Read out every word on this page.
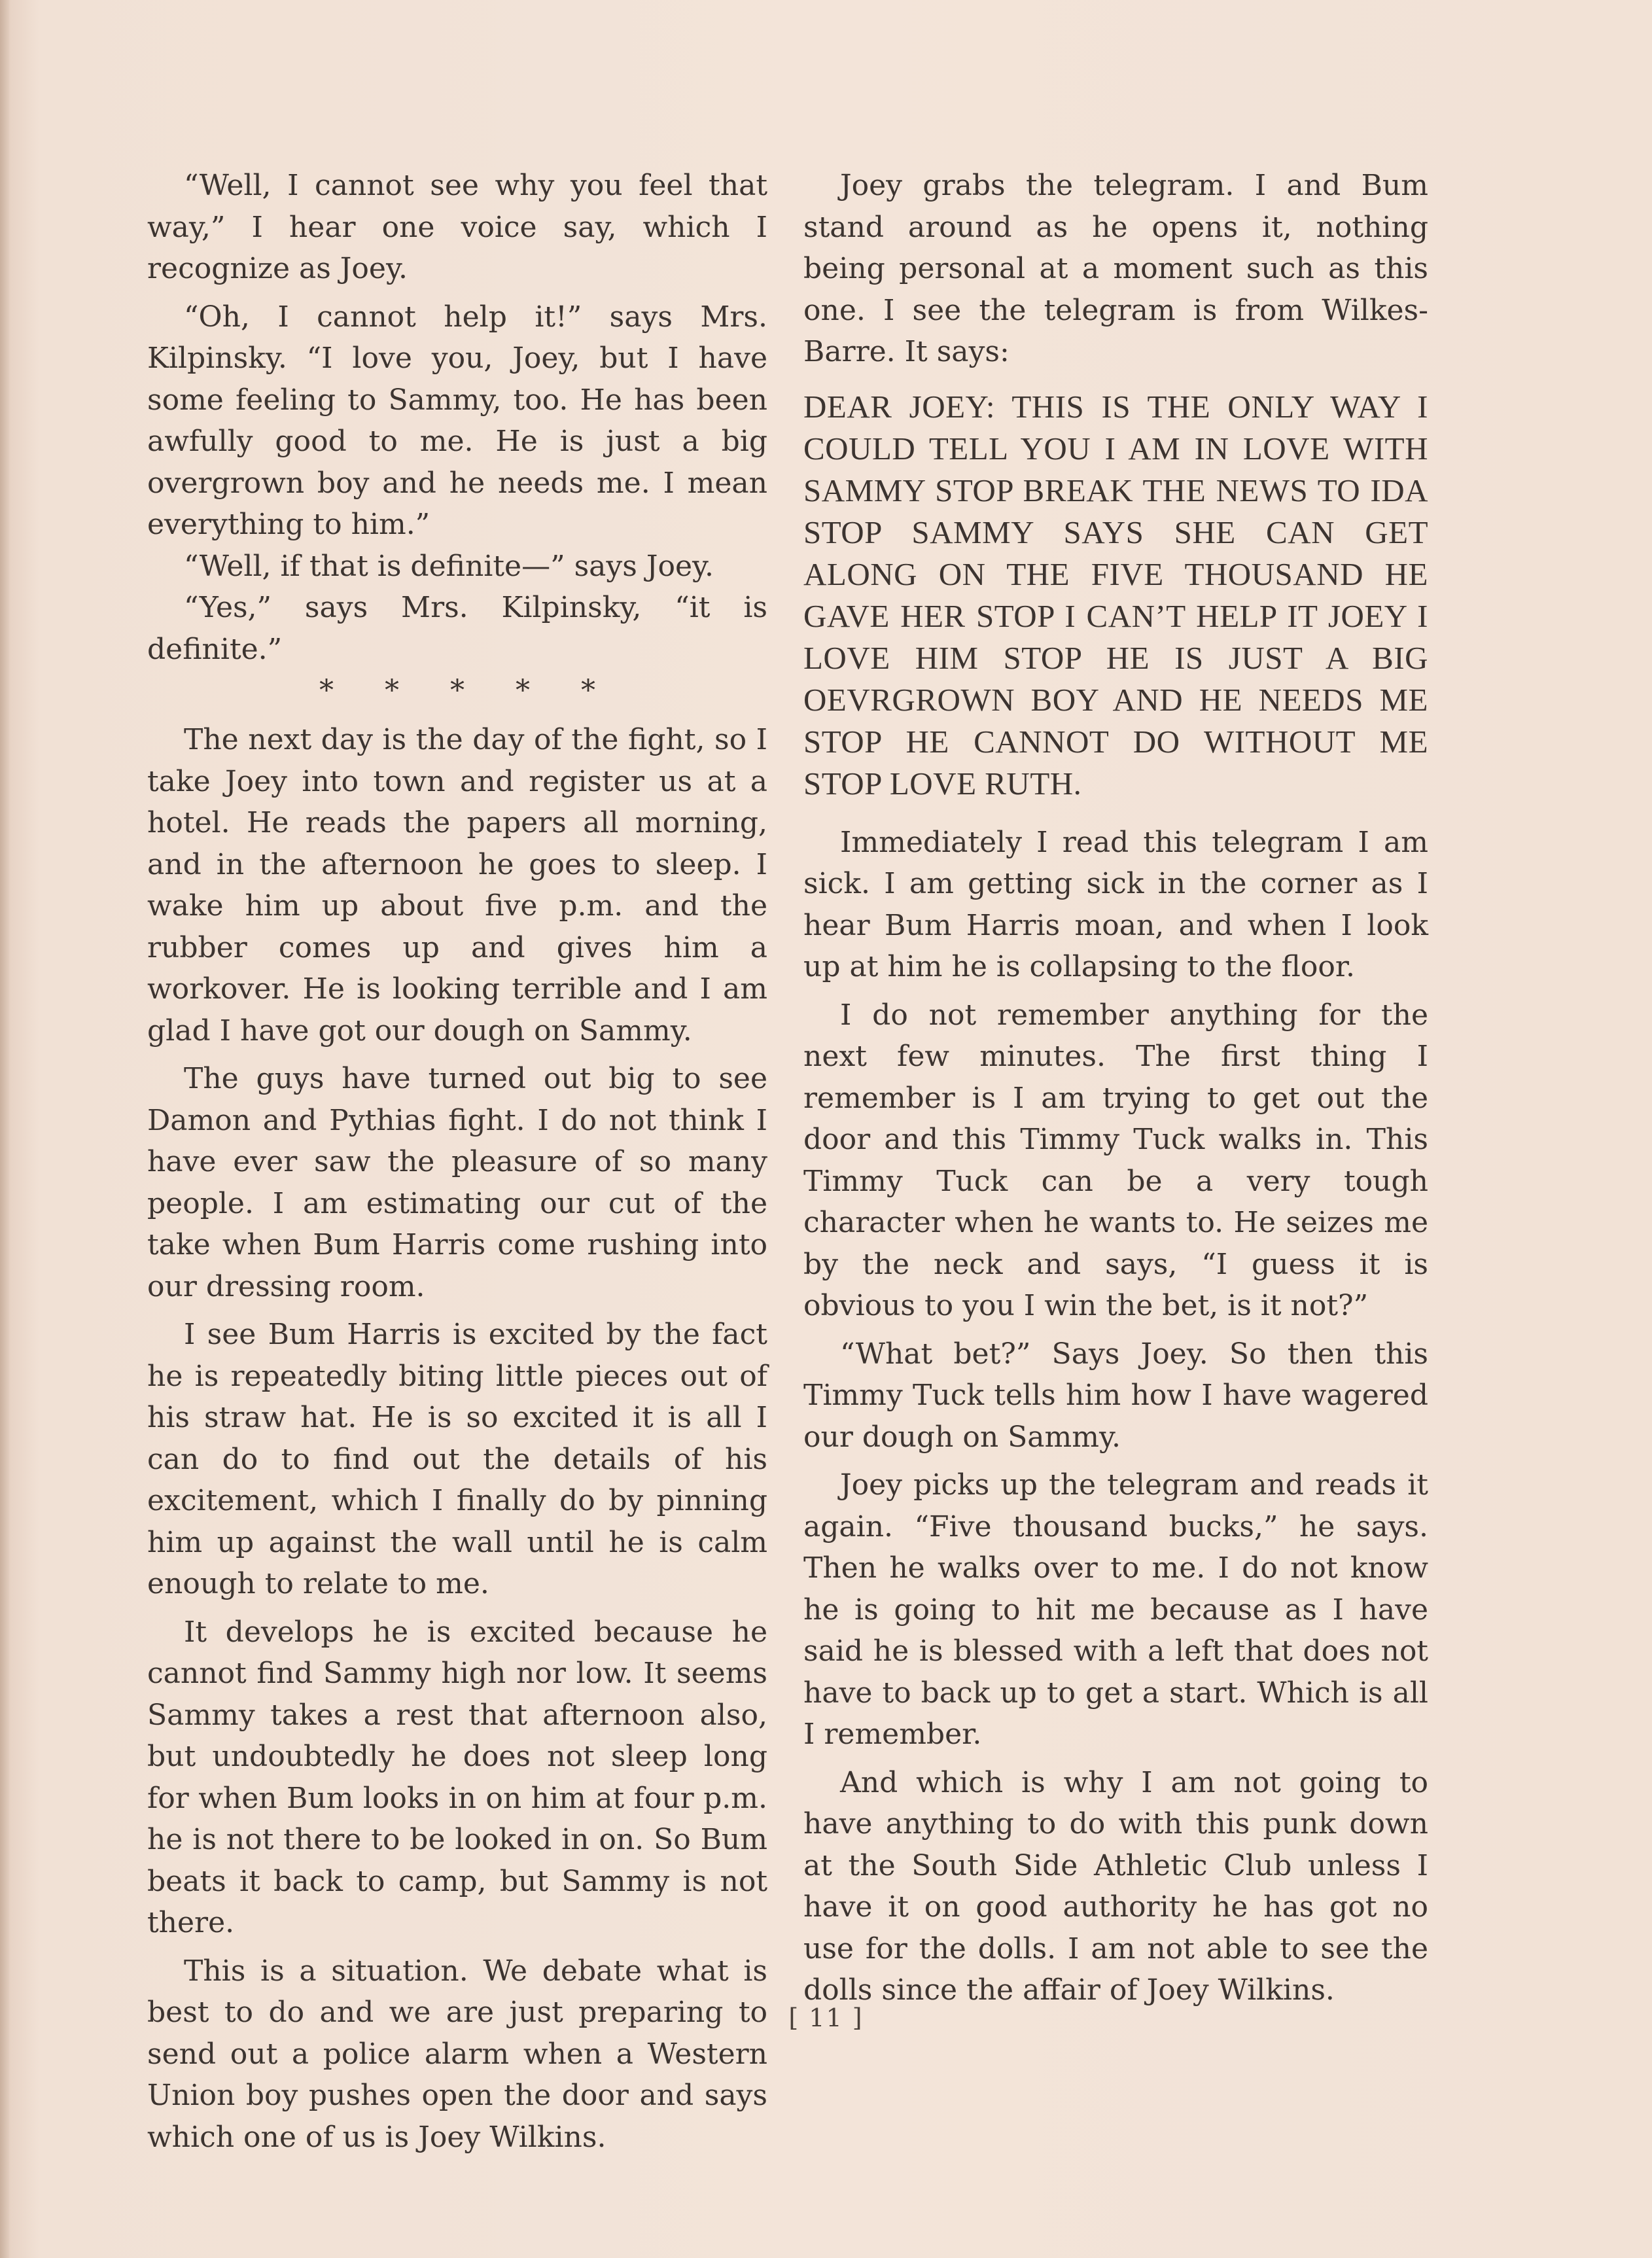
“Well, I cannot see why you feel that way,” I hear one voice say, which I recognize as Joey.

“Oh, I cannot help it!” says Mrs. Kilpinsky. “I love you, Joey, but I have some feeling to Sammy, too. He has been awfully good to me. He is just a big overgrown boy and he needs me. I mean everything to him.”

“Well, if that is definite—” says Joey.

“Yes,” says Mrs. Kilpinsky, “it is definite.”

* * * * *

The next day is the day of the fight, so I take Joey into town and register us at a hotel. He reads the papers all morning, and in the afternoon he goes to sleep. I wake him up about five p.m. and the rubber comes up and gives him a workover. He is looking terrible and I am glad I have got our dough on Sammy.

The guys have turned out big to see Damon and Pythias fight. I do not think I have ever saw the pleasure of so many people. I am estimating our cut of the take when Bum Harris come rushing into our dressing room.

I see Bum Harris is excited by the fact he is repeatedly biting little pieces out of his straw hat. He is so excited it is all I can do to find out the details of his excitement, which I finally do by pinning him up against the wall until he is calm enough to relate to me.

It develops he is excited because he cannot find Sammy high nor low. It seems Sammy takes a rest that afternoon also, but undoubtedly he does not sleep long for when Bum looks in on him at four p.m. he is not there to be looked in on. So Bum beats it back to camp, but Sammy is not there.

This is a situation. We debate what is best to do and we are just preparing to send out a police alarm when a Western Union boy pushes open the door and says which one of us is Joey Wilkins.

Joey grabs the telegram. I and Bum stand around as he opens it, nothing being personal at a moment such as this one. I see the telegram is from Wilkes-Barre. It says:

DEAR JOEY: THIS IS THE ONLY WAY I COULD TELL YOU I AM IN LOVE WITH SAMMY STOP BREAK THE NEWS TO IDA STOP SAMMY SAYS SHE CAN GET ALONG ON THE FIVE THOUSAND HE GAVE HER STOP I CAN’T HELP IT JOEY I LOVE HIM STOP HE IS JUST A BIG OEVRGROWN BOY AND HE NEEDS ME STOP HE CANNOT DO WITHOUT ME STOP LOVE RUTH.

Immediately I read this telegram I am sick. I am getting sick in the corner as I hear Bum Harris moan, and when I look up at him he is collapsing to the floor.

I do not remember anything for the next few minutes. The first thing I remember is I am trying to get out the door and this Timmy Tuck walks in. This Timmy Tuck can be a very tough character when he wants to. He seizes me by the neck and says, “I guess it is obvious to you I win the bet, is it not?”

“What bet?” Says Joey. So then this Timmy Tuck tells him how I have wagered our dough on Sammy.

Joey picks up the telegram and reads it again. “Five thousand bucks,” he says. Then he walks over to me. I do not know he is going to hit me because as I have said he is blessed with a left that does not have to back up to get a start. Which is all I remember.

And which is why I am not going to have anything to do with this punk down at the South Side Athletic Club unless I have it on good authority he has got no use for the dolls. I am not able to see the dolls since the affair of Joey Wilkins.

[ 11 ]
